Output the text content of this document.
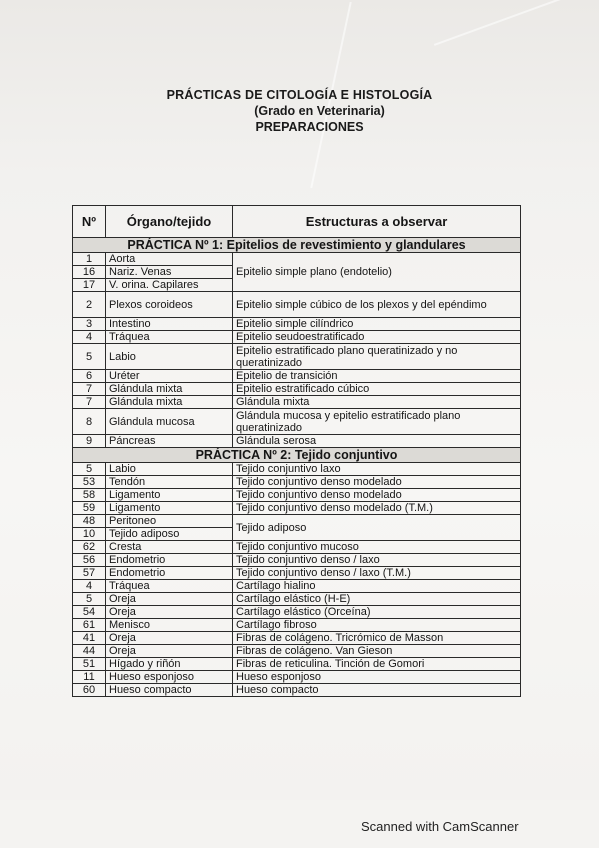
PRÁCTICAS DE CITOLOGÍA E HISTOLOGÍA
(Grado en Veterinaria)
PREPARACIONES
Nº	Órgano/tejido	Estructuras a observar
PRÁCTICA Nº 1: Epitelios de revestimiento y glandulares		
1	Aorta	Epitelio simple plano (endotelio)
16	Nariz. Venas	
17	V. orina. Capilares	
2	Plexos coroideos	Epitelio simple cúbico de los plexos y del epéndimo
3	Intestino	Epitelio simple cilíndrico
4	Tráquea	Epitelio seudoestratificado
5	Labio	Epitelio estratificado plano queratinizado y no queratinizado
6	Uréter	Epitelio de transición
7	Glándula mixta	Epitelio estratificado cúbico
7	Glándula mixta	Glándula mixta
8	Glándula mucosa	Glándula mucosa y epitelio estratificado plano queratinizado
9	Páncreas	Glándula serosa
PRÁCTICA Nº 2: Tejido conjuntivo		
5	Labio	Tejido conjuntivo laxo
53	Tendón	Tejido conjuntivo denso modelado
58	Ligamento	Tejido conjuntivo denso modelado
59	Ligamento	Tejido conjuntivo denso modelado (T.M.)
48	Peritoneo	Tejido adiposo
10	Tejido adiposo	
62	Cresta	Tejido conjuntivo mucoso
56	Endometrio	Tejido conjuntivo denso / laxo
57	Endometrio	Tejido conjuntivo denso / laxo (T.M.)
4	Tráquea	Cartílago hialino
5	Oreja	Cartílago elástico (H-E)
54	Oreja	Cartílago elástico (Orceína)
61	Menisco	Cartílago fibroso
41	Oreja	Fibras de colágeno. Tricrómico de Masson
44	Oreja	Fibras de colágeno. Van Gieson
51	Hígado y riñón	Fibras de reticulina. Tinción de Gomori
11	Hueso esponjoso	Hueso esponjoso
60	Hueso compacto	Hueso compacto
Scanned with CamScanner
